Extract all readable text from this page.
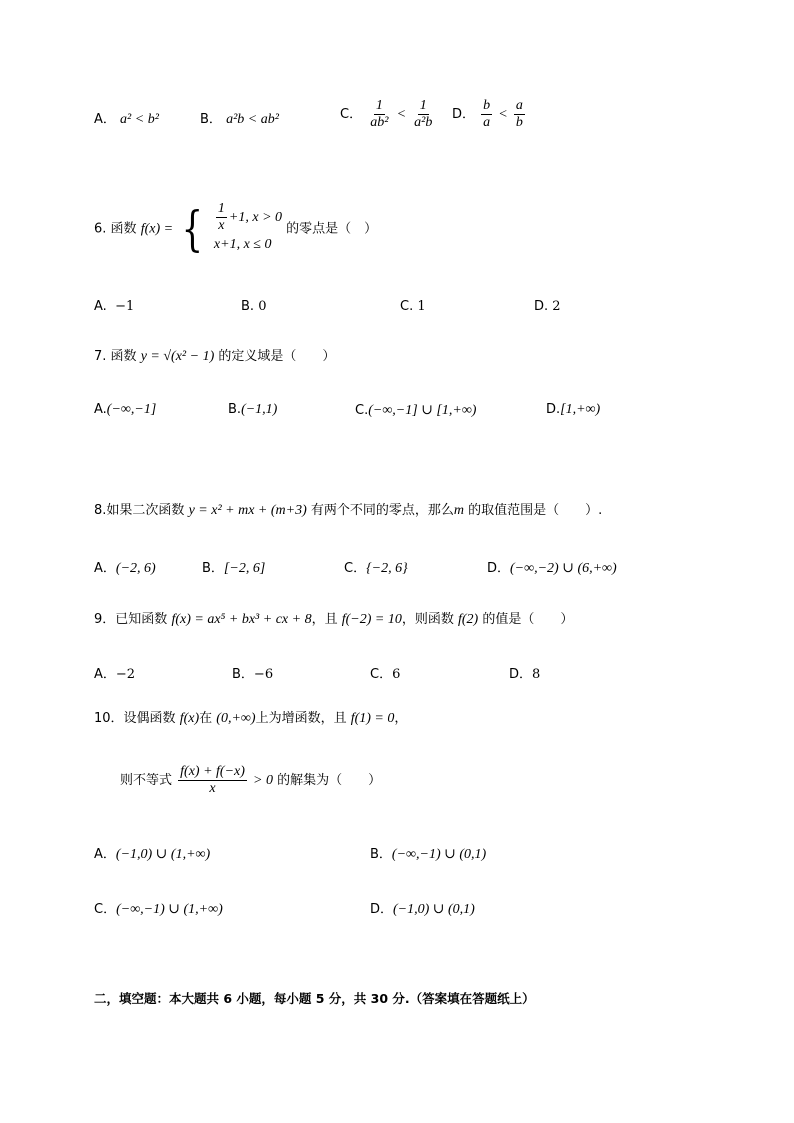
A． a² < b²	B． a²b < ab²	C． $\frac{1}{\text{ab²}} < \frac{1}{\text{a²b}}$ D． $\frac{b}{a} < \frac{a}{b}$
6. 函数 f(x) = { $\frac{1}{x} +1$, x > 0
x+1, x ≤ 0
的零点是（　）
A. −1	B. 0	C. 1	D. 2
7. 函数 y = √(x² − 1) 的定义域是（　　）
A.(−∞,−1]	B.(−1,1)	C.(−∞,−1] ∪ [1,+∞)	D.[1,+∞)
8.如果二次函数 y = x² + mx + (m+3) 有两个不同的零点，那么m 的取值范围是（　　）.
A．(−2, 6)	B．[−2, 6]	C．{−2, 6}	D．(−∞,−2) ∪ (6,+∞)
9．已知函数 f(x) = ax⁵ + bx³ + cx + 8，且 f(−2) = 10，则函数 f(2) 的值是（　　）
A．−2	B．−6	C．6	D．8
10．设偶函数 f(x)在 (0,+∞)上为增函数，且 f(1) = 0，
则不等式 $\frac{f(x) + f(-x)}{x} > 0$ 的解集为（　　）
A．(−1,0) ∪ (1,+∞)	B．(−∞,−1) ∪ (0,1)
C．(−∞,−1) ∪ (1,+∞)	D．(−1,0) ∪ (0,1)
二，填空题：本大题共 6 小题，每小题 5 分，共 30 分.（答案填在答题纸上）
